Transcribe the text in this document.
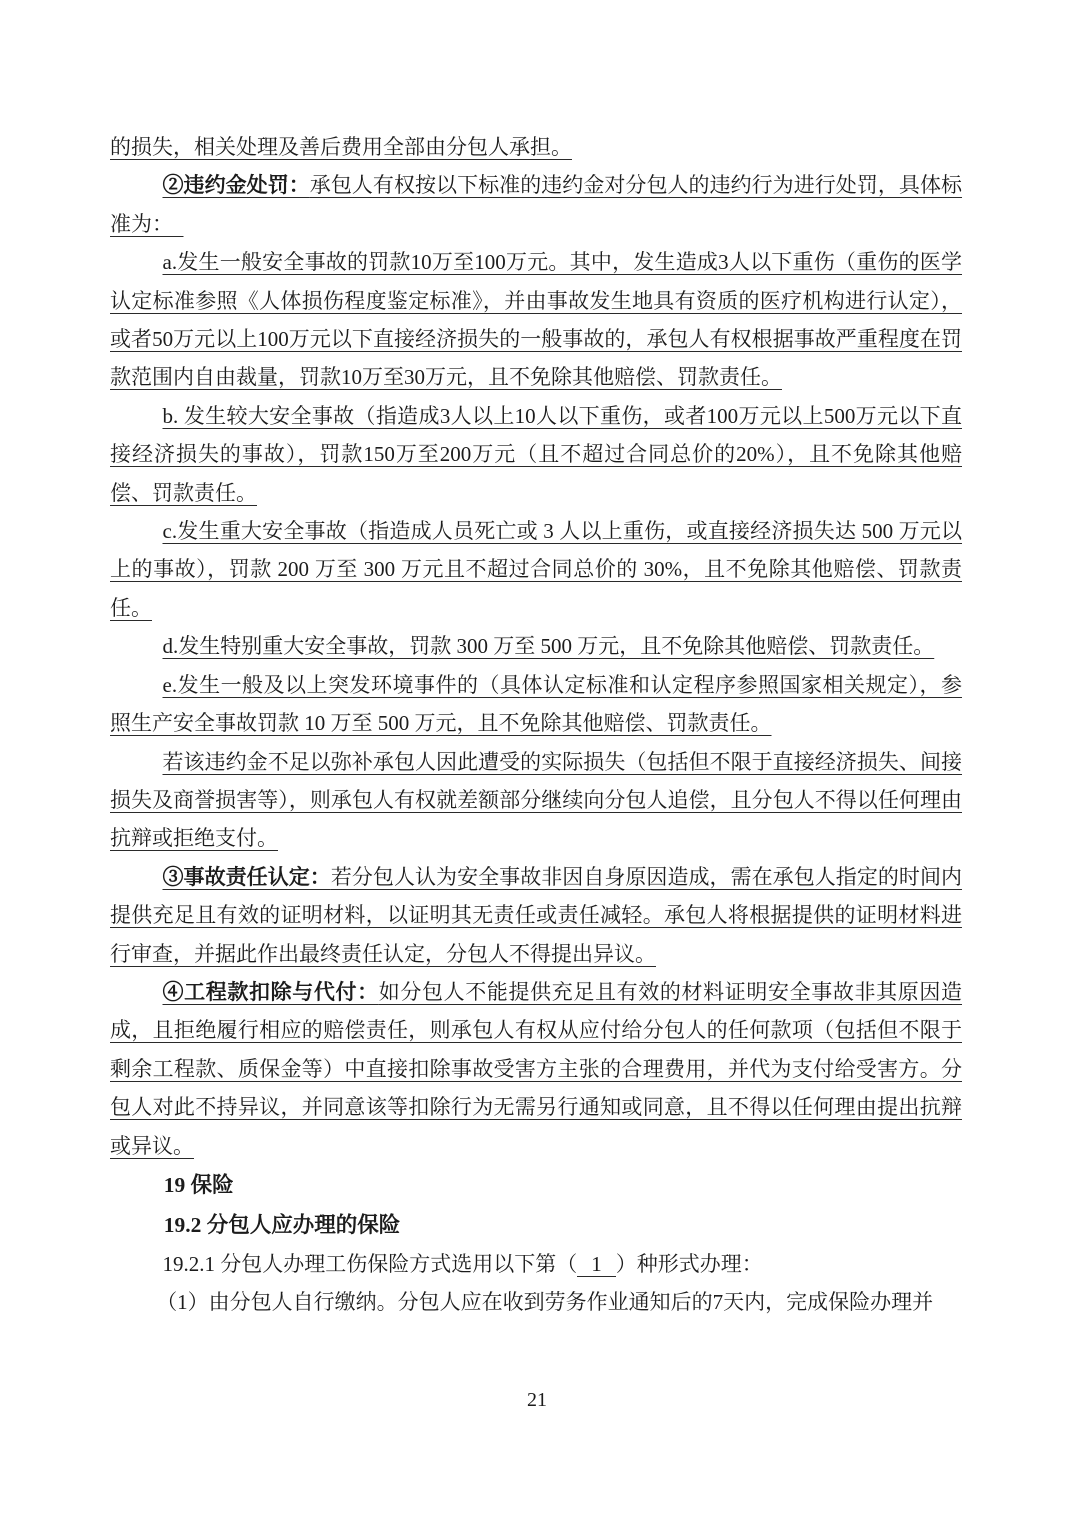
的损失，相关处理及善后费用全部由分包人承担。

②违约金处罚：承包人有权按以下标准的违约金对分包人的违约行为进行处罚，具体标准为：

a.发生一般安全事故的罚款10万至100万元。其中，发生造成3人以下重伤（重伤的医学认定标准参照《人体损伤程度鉴定标准》，并由事故发生地具有资质的医疗机构进行认定），或者50万元以上100万元以下直接经济损失的一般事故的，承包人有权根据事故严重程度在罚款范围内自由裁量，罚款10万至30万元，且不免除其他赔偿、罚款责任。

b. 发生较大安全事故（指造成3人以上10人以下重伤，或者100万元以上500万元以下直接经济损失的事故），罚款150万至200万元（且不超过合同总价的20%），且不免除其他赔偿、罚款责任。

c.发生重大安全事故（指造成人员死亡或 3 人以上重伤，或直接经济损失达 500 万元以上的事故），罚款 200 万至 300 万元且不超过合同总价的 30%，且不免除其他赔偿、罚款责任。

d.发生特别重大安全事故，罚款 300 万至 500 万元，且不免除其他赔偿、罚款责任。

e.发生一般及以上突发环境事件的（具体认定标准和认定程序参照国家相关规定），参照生产安全事故罚款 10 万至 500 万元，且不免除其他赔偿、罚款责任。

若该违约金不足以弥补承包人因此遭受的实际损失（包括但不限于直接经济损失、间接损失及商誉损害等），则承包人有权就差额部分继续向分包人追偿，且分包人不得以任何理由抗辩或拒绝支付。

③事故责任认定：若分包人认为安全事故非因自身原因造成，需在承包人指定的时间内提供充足且有效的证明材料，以证明其无责任或责任减轻。承包人将根据提供的证明材料进行审查，并据此作出最终责任认定，分包人不得提出异议。

④工程款扣除与代付：如分包人不能提供充足且有效的材料证明安全事故非其原因造成，且拒绝履行相应的赔偿责任，则承包人有权从应付给分包人的任何款项（包括但不限于剩余工程款、质保金等）中直接扣除事故受害方主张的合理费用，并代为支付给受害方。分包人对此不持异议，并同意该等扣除行为无需另行通知或同意，且不得以任何理由提出抗辩或异议。

19 保险

19.2 分包人应办理的保险

19.2.1 分包人办理工伤保险方式选用以下第（ 1 ）种形式办理：

（1）由分包人自行缴纳。分包人应在收到劳务作业通知后的7天内，完成保险办理并

21
